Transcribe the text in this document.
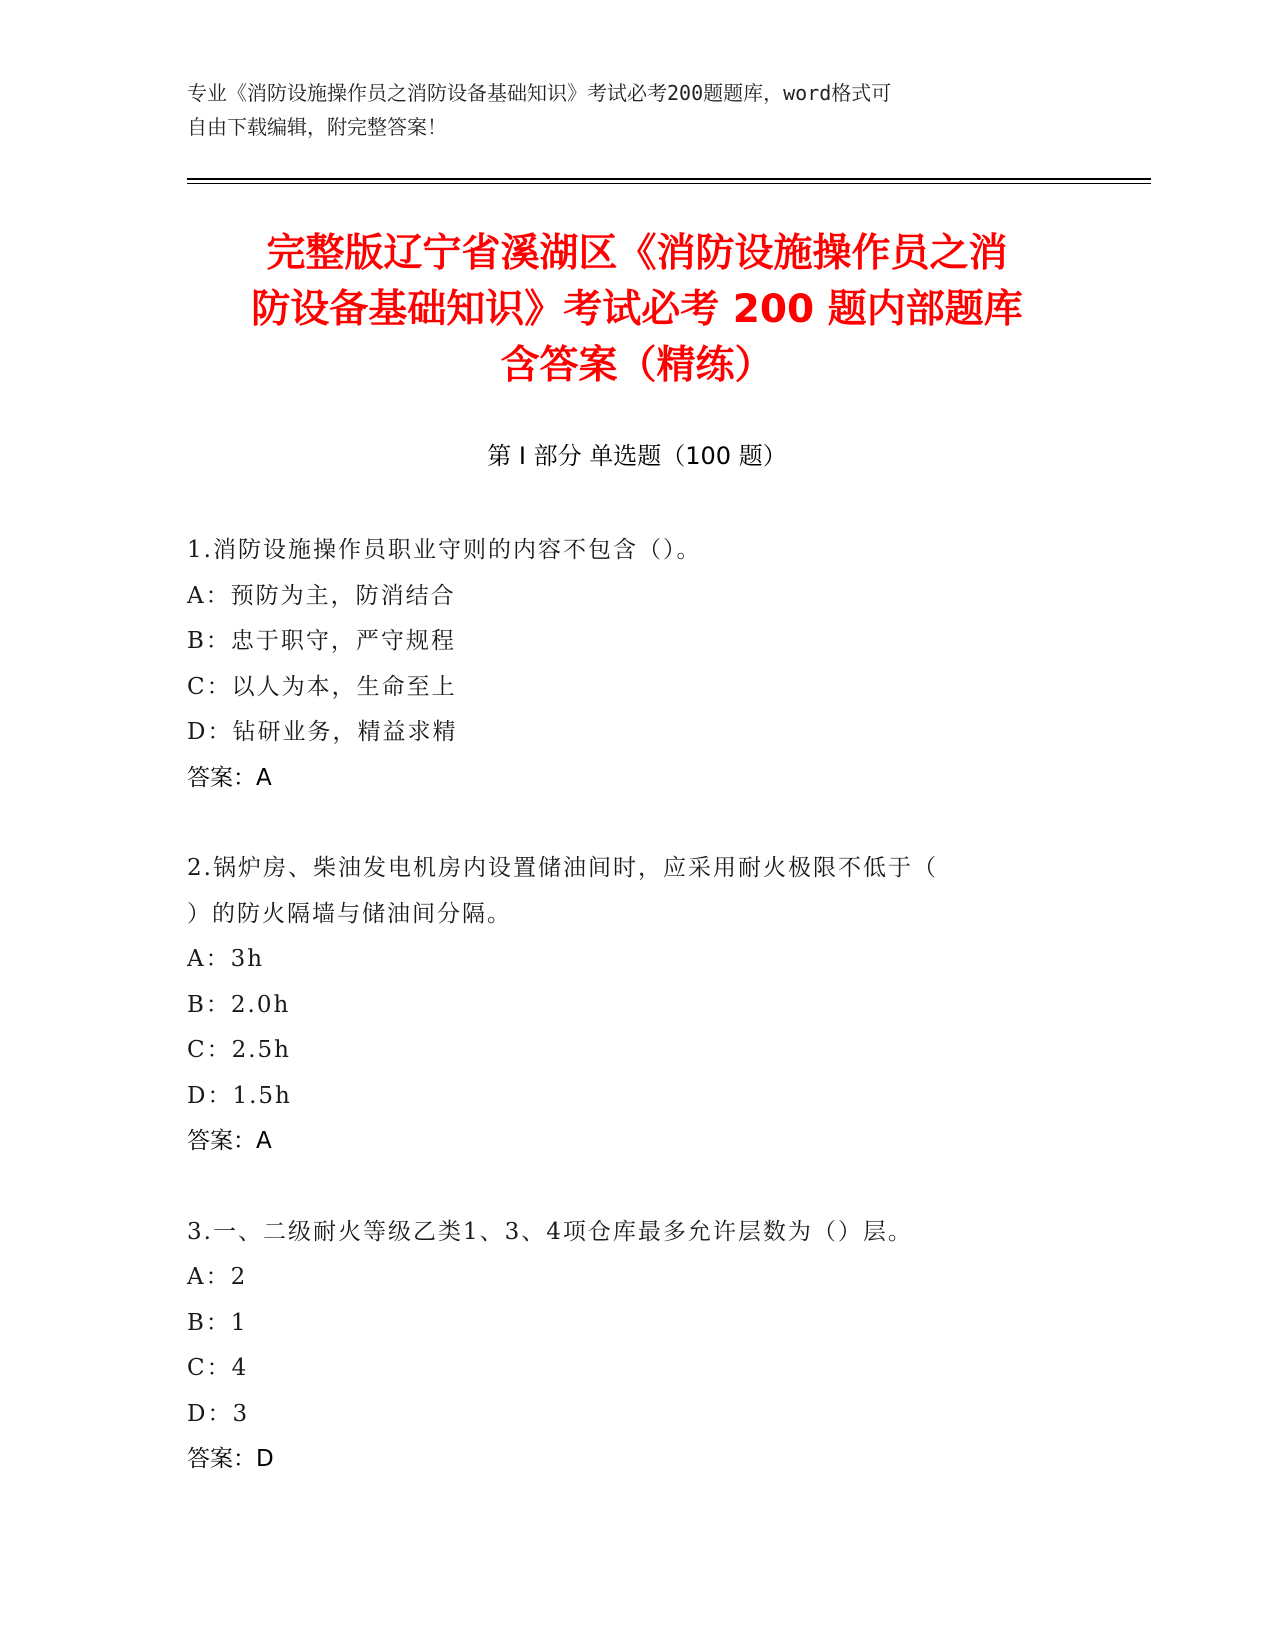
专业《消防设施操作员之消防设备基础知识》考试必考200题题库，word格式可
自由下载编辑，附完整答案！
完整版辽宁省溪湖区《消防设施操作员之消
防设备基础知识》考试必考 200 题内部题库
含答案（精练）
第 I 部分 单选题（100 题）
1.消防设施操作员职业守则的内容不包含（）。
A：预防为主，防消结合
B：忠于职守，严守规程
C：以人为本，生命至上
D：钻研业务，精益求精
答案：A
2.锅炉房、柴油发电机房内设置储油间时，应采用耐火极限不低于（
）的防火隔墙与储油间分隔。
A：3h
B：2.0h
C：2.5h
D：1.5h
答案：A
3.一、二级耐火等级乙类1、3、4项仓库最多允许层数为（）层。
A：2
B：1
C：4
D：3
答案：D
